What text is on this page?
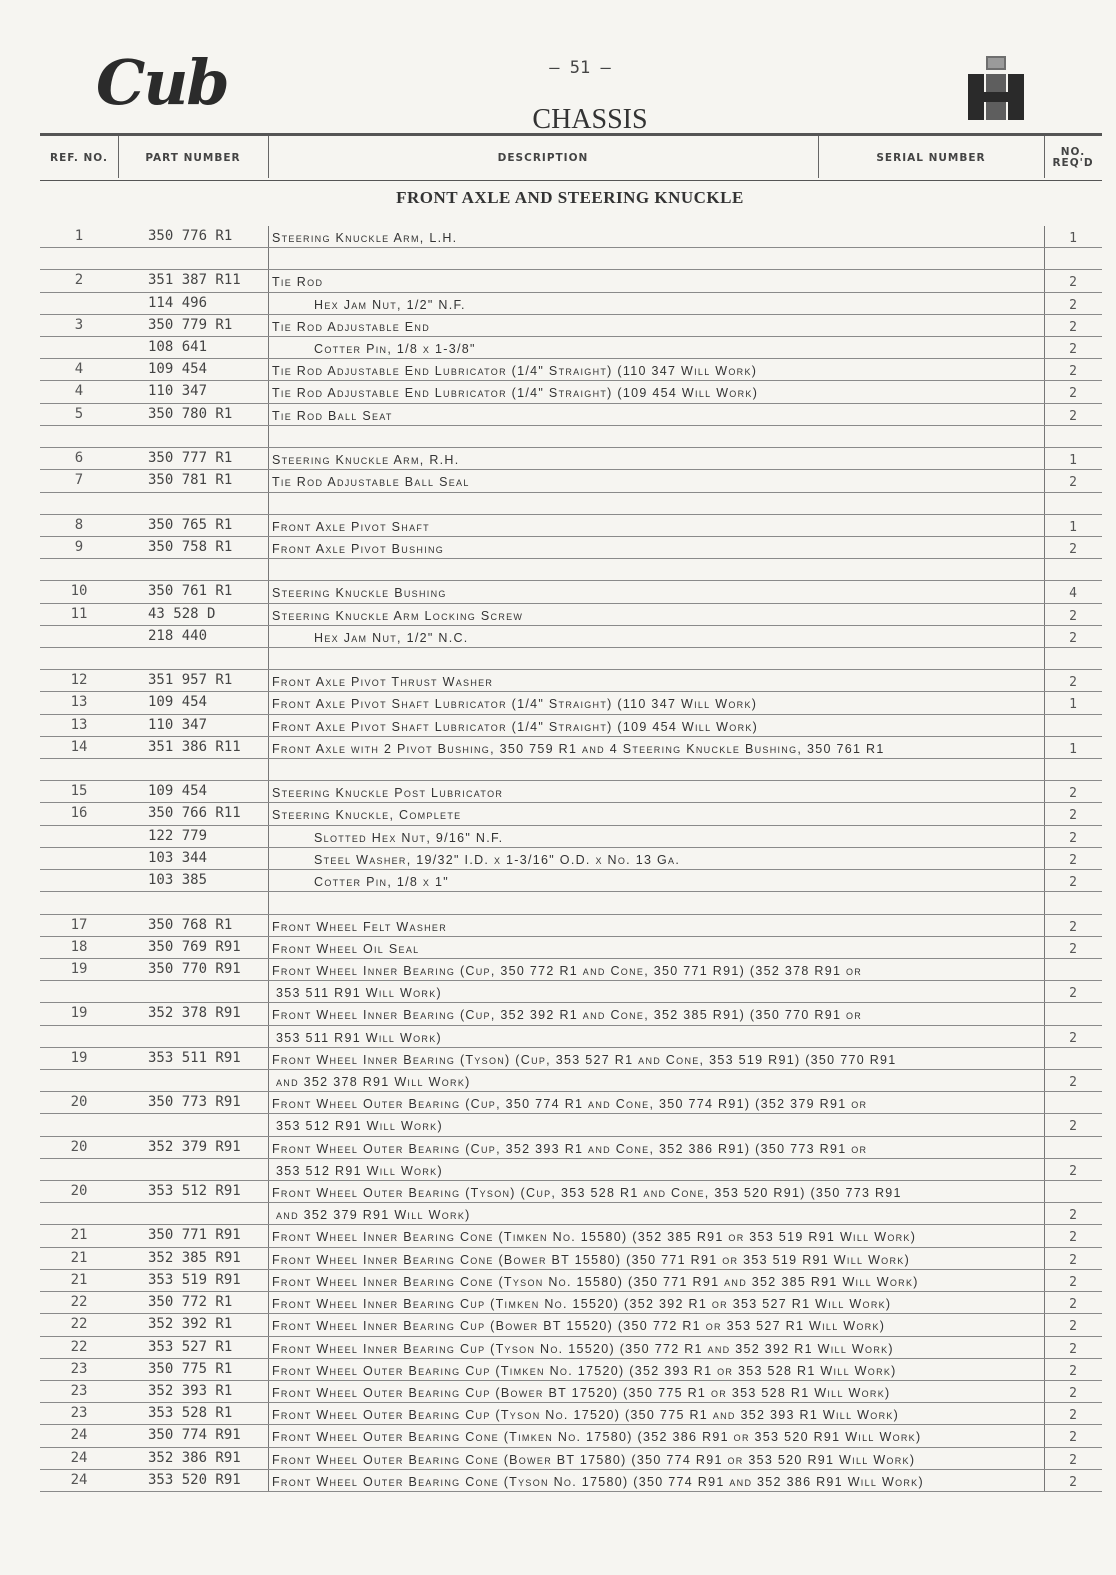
Cub	— 51 —
CHASSIS
REF. NO.	PART NUMBER	DESCRIPTION	SERIAL NUMBER	NO. REQ'D
FRONT AXLE AND STEERING KNUCKLE
1	350 776 R1	Steering Knuckle Arm, L.H.	1
2	351 387 R11	Tie Rod	2
114 496	Hex Jam Nut, 1/2" N.F.	2
3	350 779 R1	Tie Rod Adjustable End	2
108 641	Cotter Pin, 1/8 x 1-3/8"	2
4	109 454	Tie Rod Adjustable End Lubricator (1/4" Straight) (110 347 Will Work)	2
4	110 347	Tie Rod Adjustable End Lubricator (1/4" Straight) (109 454 Will Work)	2
5	350 780 R1	Tie Rod Ball Seat	2
6	350 777 R1	Steering Knuckle Arm, R.H.	1
7	350 781 R1	Tie Rod Adjustable Ball Seal	2
8	350 765 R1	Front Axle Pivot Shaft	1
9	350 758 R1	Front Axle Pivot Bushing	2
10	350 761 R1	Steering Knuckle Bushing	4
11	43 528 D	Steering Knuckle Arm Locking Screw	2
218 440	Hex Jam Nut, 1/2" N.C.	2
12	351 957 R1	Front Axle Pivot Thrust Washer	2
13	109 454	Front Axle Pivot Shaft Lubricator (1/4" Straight) (110 347 Will Work)	1
13	110 347	Front Axle Pivot Shaft Lubricator (1/4" Straight) (109 454 Will Work)
14	351 386 R11	Front Axle with 2 Pivot Bushing, 350 759 R1 and 4 Steering Knuckle Bushing, 350 761 R1	1
15	109 454	Steering Knuckle Post Lubricator	2
16	350 766 R11	Steering Knuckle, Complete	2
122 779	Slotted Hex Nut, 9/16" N.F.	2
103 344	Steel Washer, 19/32" I.D. x 1-3/16" O.D. x No. 13 Ga.	2
103 385	Cotter Pin, 1/8 x 1"	2
17	350 768 R1	Front Wheel Felt Washer	2
18	350 769 R91	Front Wheel Oil Seal	2
19	350 770 R91	Front Wheel Inner Bearing (Cup, 350 772 R1 and Cone, 350 771 R91) (352 378 R91 or
353 511 R91 Will Work)	2
19	352 378 R91	Front Wheel Inner Bearing (Cup, 352 392 R1 and Cone, 352 385 R91) (350 770 R91 or
353 511 R91 Will Work)	2
19	353 511 R91	Front Wheel Inner Bearing (Tyson) (Cup, 353 527 R1 and Cone, 353 519 R91) (350 770 R91
and 352 378 R91 Will Work)	2
20	350 773 R91	Front Wheel Outer Bearing (Cup, 350 774 R1 and Cone, 350 774 R91) (352 379 R91 or
353 512 R91 Will Work)	2
20	352 379 R91	Front Wheel Outer Bearing (Cup, 352 393 R1 and Cone, 352 386 R91) (350 773 R91 or
353 512 R91 Will Work)	2
20	353 512 R91	Front Wheel Outer Bearing (Tyson) (Cup, 353 528 R1 and Cone, 353 520 R91) (350 773 R91
and 352 379 R91 Will Work)	2
21	350 771 R91	Front Wheel Inner Bearing Cone (Timken No. 15580) (352 385 R91 or 353 519 R91 Will Work)	2
21	352 385 R91	Front Wheel Inner Bearing Cone (Bower BT 15580) (350 771 R91 or 353 519 R91 Will Work)	2
21	353 519 R91	Front Wheel Inner Bearing Cone (Tyson No. 15580) (350 771 R91 and 352 385 R91 Will Work)	2
22	350 772 R1	Front Wheel Inner Bearing Cup (Timken No. 15520) (352 392 R1 or 353 527 R1 Will Work)	2
22	352 392 R1	Front Wheel Inner Bearing Cup (Bower BT 15520) (350 772 R1 or 353 527 R1 Will Work)	2
22	353 527 R1	Front Wheel Inner Bearing Cup (Tyson No. 15520) (350 772 R1 and 352 392 R1 Will Work)	2
23	350 775 R1	Front Wheel Outer Bearing Cup (Timken No. 17520) (352 393 R1 or 353 528 R1 Will Work)	2
23	352 393 R1	Front Wheel Outer Bearing Cup (Bower BT 17520) (350 775 R1 or 353 528 R1 Will Work)	2
23	353 528 R1	Front Wheel Outer Bearing Cup (Tyson No. 17520) (350 775 R1 and 352 393 R1 Will Work)	2
24	350 774 R91	Front Wheel Outer Bearing Cone (Timken No. 17580) (352 386 R91 or 353 520 R91 Will Work)	2
24	352 386 R91	Front Wheel Outer Bearing Cone (Bower BT 17580) (350 774 R91 or 353 520 R91 Will Work)	2
24	353 520 R91	Front Wheel Outer Bearing Cone (Tyson No. 17580) (350 774 R91 and 352 386 R91 Will Work)	2
